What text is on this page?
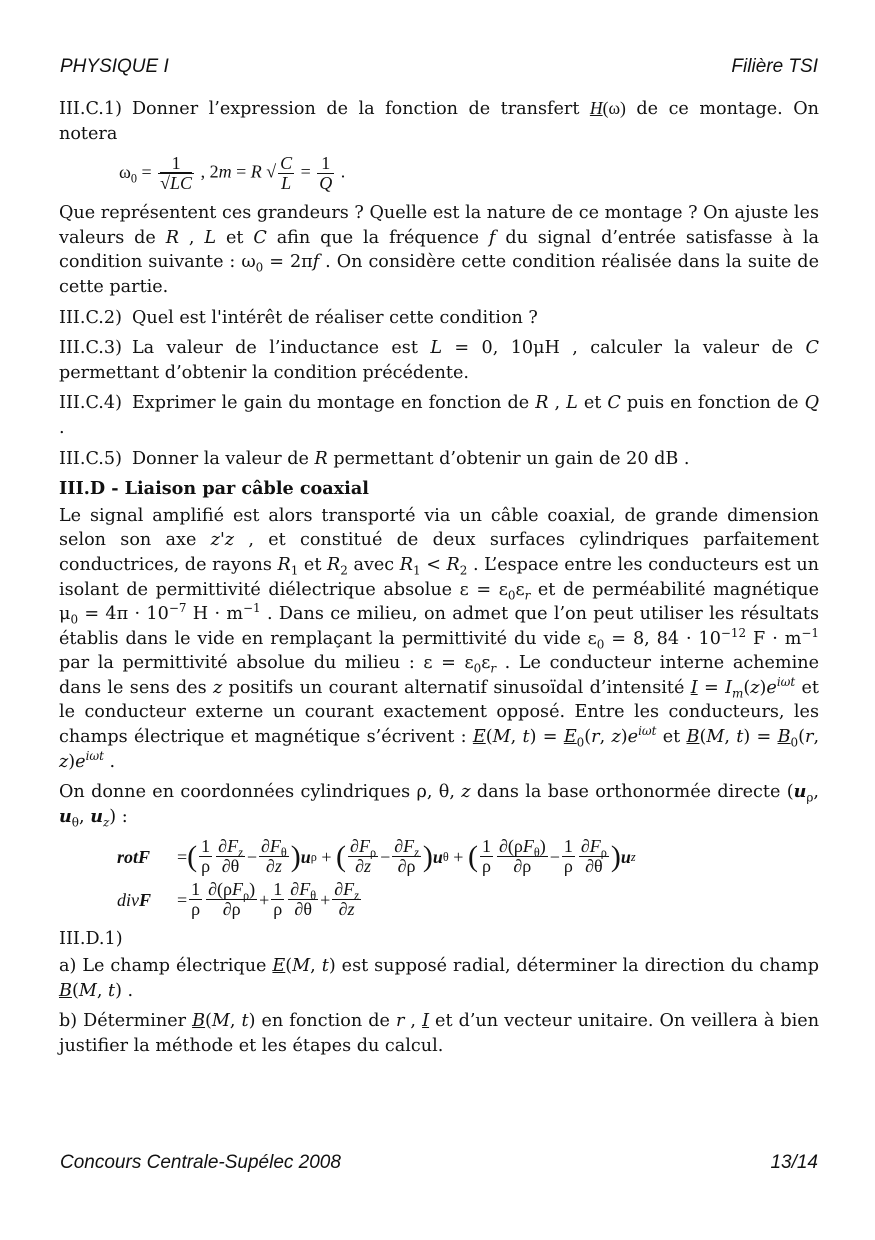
PHYSIQUE I	Filière TSI

III.C.1) Donner l’expression de la fonction de transfert H(ω) de ce montage. On notera

$\omega_0 = \frac{1}{√LC}$ , 2m = R √ $\frac{C}{L} = \frac{1}{Q}$ .

Que représentent ces grandeurs ? Quelle est la nature de ce montage ? On ajuste les valeurs de R , L et C afin que la fréquence f du signal d’entrée satisfasse à la condition suivante : $\omega_0 = 2\pi f$ . On considère cette condition réalisée dans la suite de cette partie.

III.C.2) Quel est l'intérêt de réaliser cette condition ?

III.C.3) La valeur de l’inductance est L = 0, 10μH , calculer la valeur de C permettant d’obtenir la condition précédente.

III.C.4) Exprimer le gain du montage en fonction de R , L et C puis en fonction de Q .

III.C.5) Donner la valeur de R permettant d’obtenir un gain de 20 dB .

III.D - Liaison par câble coaxial

Le signal amplifié est alors transporté via un câble coaxial, de grande dimension selon son axe z'z , et constitué de deux surfaces cylindriques parfaitement conductrices, de rayons $R_1$ et $R_2$ avec $R_1 < R_2$ . L’espace entre les conducteurs est un isolant de permittivité diélectrique absolue $\varepsilon = \varepsilon_0\varepsilon_r$ et de perméabilité magnétique $\mu_0 = 4\pi \cdot 10^{-7}$ $H \cdot m^{-1}$ . Dans ce milieu, on admet que l’on peut utiliser les résultats établis dans le vide en remplaçant la permittivité du vide $\varepsilon_0 = 8$, $84 \cdot 10^{-12}$ $F \cdot m^{-1}$ par la permittivité absolue du milieu : $\varepsilon = \varepsilon_0\varepsilon_r$ . Le conducteur interne achemine dans le sens des z positifs un courant alternatif sinusoïdal d’intensité $I = I_m(z)e^{i\omega t}$ et le conducteur externe un courant exactement opposé. Entre les conducteurs, les champs électrique et magnétique s’écrivent : E(M, $t) = E_0(r$, $z)e^{i\omega t}$ et B(M, $t) = B_0(r$, $z)e^{i\omega t}$ .

On donne en coordonnées cylindriques ρ, θ, z dans la base orthonormée directe ($u_\rho$, $u_\theta$, $u_z$) :

rotF	= ( $\frac{1}{\rho} \frac{\partial F_z}{\partial\theta} - \frac{\partial F_\theta}{\partial z}$ ) u ρ + ( $\frac{\partial F_\rho}{\partial z} - \frac{\partial F_z}{\partial\rho}$ ) u θ + ( $\frac{1}{\rho} \frac{\partial(\rho F_\theta)}{\partial\rho} - \frac{1}{\rho} \frac{\partial F_\rho}{\partial\theta}$ ) u z
divF	= $\frac{1}{\rho} \frac{\partial(\rho F_\rho)}{\partial\rho} + \frac{1}{\rho} \frac{\partial F_\theta}{\partial\theta} + \frac{\partial F_z}{\partial z}$

III.D.1)

a) Le champ électrique E(M, t) est supposé radial, déterminer la direction du champ B(M, t) .

b) Déterminer B(M, t) en fonction de r , I et d’un vecteur unitaire. On veillera à bien justifier la méthode et les étapes du calcul.

Concours Centrale-Supélec 2008	13/14
